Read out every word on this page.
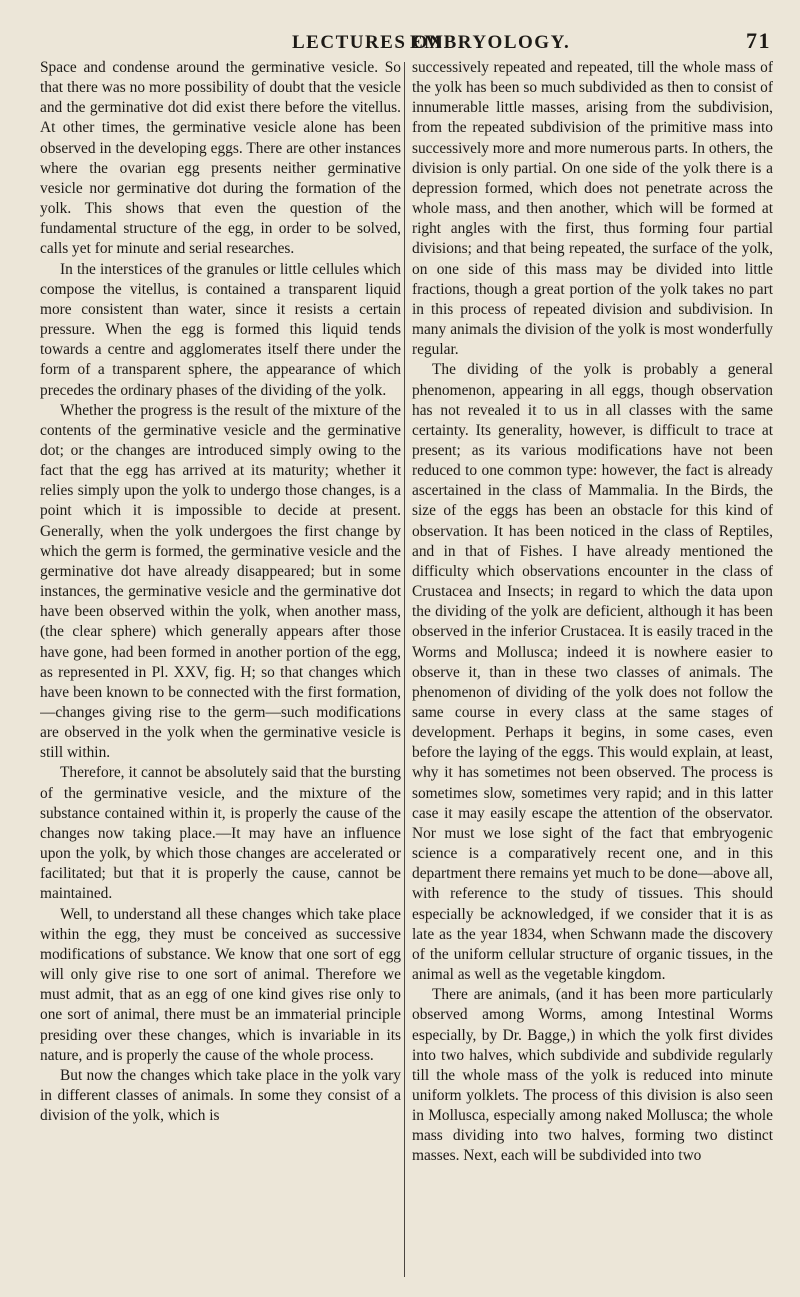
LECTURES ON
EMBRYOLOGY.	71

Space and condense around the germinative vesicle. So that there was no more possibility of doubt that the vesicle and the germinative dot did exist there before the vitellus. At other times, the germinative vesicle alone has been observed in the developing eggs. There are other instances where the ovarian egg presents neither germinative vesicle nor germinative dot during the formation of the yolk. This shows that even the question of the fundamental structure of the egg, in order to be solved, calls yet for minute and serial researches.

In the interstices of the granules or little cellules which compose the vitellus, is contained a transparent liquid more consistent than water, since it resists a certain pressure. When the egg is formed this liquid tends towards a centre and agglomerates itself there under the form of a transparent sphere, the appearance of which precedes the ordinary phases of the dividing of the yolk.

Whether the progress is the result of the mixture of the contents of the germinative vesicle and the germinative dot; or the changes are introduced simply owing to the fact that the egg has arrived at its maturity; whether it relies simply upon the yolk to undergo those changes, is a point which it is impossible to decide at present. Generally, when the yolk undergoes the first change by which the germ is formed, the germinative vesicle and the germinative dot have already disappeared; but in some instances, the germinative vesicle and the germinative dot have been observed within the yolk, when another mass, (the clear sphere) which generally appears after those have gone, had been formed in another portion of the egg, as represented in Pl. XXV, fig. H; so that changes which have been known to be connected with the first formation,—changes giving rise to the germ—such modifications are observed in the yolk when the germinative vesicle is still within.

Therefore, it cannot be absolutely said that the bursting of the germinative vesicle, and the mixture of the substance contained within it, is properly the cause of the changes now taking place.—It may have an influence upon the yolk, by which those changes are accelerated or facilitated; but that it is properly the cause, cannot be maintained.

Well, to understand all these changes which take place within the egg, they must be conceived as successive modifications of substance. We know that one sort of egg will only give rise to one sort of animal. Therefore we must admit, that as an egg of one kind gives rise only to one sort of animal, there must be an immaterial principle presiding over these changes, which is invariable in its nature, and is properly the cause of the whole process.

But now the changes which take place in the yolk vary in different classes of animals. In some they consist of a division of the yolk, which is

successively repeated and repeated, till the whole mass of the yolk has been so much subdivided as then to consist of innumerable little masses, arising from the subdivision, from the repeated subdivision of the primitive mass into successively more and more numerous parts. In others, the division is only partial. On one side of the yolk there is a depression formed, which does not penetrate across the whole mass, and then another, which will be formed at right angles with the first, thus forming four partial divisions; and that being repeated, the surface of the yolk, on one side of this mass may be divided into little fractions, though a great portion of the yolk takes no part in this process of repeated division and subdivision. In many animals the division of the yolk is most wonderfully regular.

The dividing of the yolk is probably a general phenomenon, appearing in all eggs, though observation has not revealed it to us in all classes with the same certainty. Its generality, however, is difficult to trace at present; as its various modifications have not been reduced to one common type: however, the fact is already ascertained in the class of Mammalia. In the Birds, the size of the eggs has been an obstacle for this kind of observation. It has been noticed in the class of Reptiles, and in that of Fishes. I have already mentioned the difficulty which observations encounter in the class of Crustacea and Insects; in regard to which the data upon the dividing of the yolk are deficient, although it has been observed in the inferior Crustacea. It is easily traced in the Worms and Mollusca; indeed it is nowhere easier to observe it, than in these two classes of animals. The phenomenon of dividing of the yolk does not follow the same course in every class at the same stages of development. Perhaps it begins, in some cases, even before the laying of the eggs. This would explain, at least, why it has sometimes not been observed. The process is sometimes slow, sometimes very rapid; and in this latter case it may easily escape the attention of the observator. Nor must we lose sight of the fact that embryogenic science is a comparatively recent one, and in this department there remains yet much to be done—above all, with reference to the study of tissues. This should especially be acknowledged, if we consider that it is as late as the year 1834, when Schwann made the discovery of the uniform cellular structure of organic tissues, in the animal as well as the vegetable kingdom.

There are animals, (and it has been more particularly observed among Worms, among Intestinal Worms especially, by Dr. Bagge,) in which the yolk first divides into two halves, which subdivide and subdivide regularly till the whole mass of the yolk is reduced into minute uniform yolklets. The process of this division is also seen in Mollusca, especially among naked Mollusca; the whole mass dividing into two halves, forming two distinct masses. Next, each will be subdivided into two
